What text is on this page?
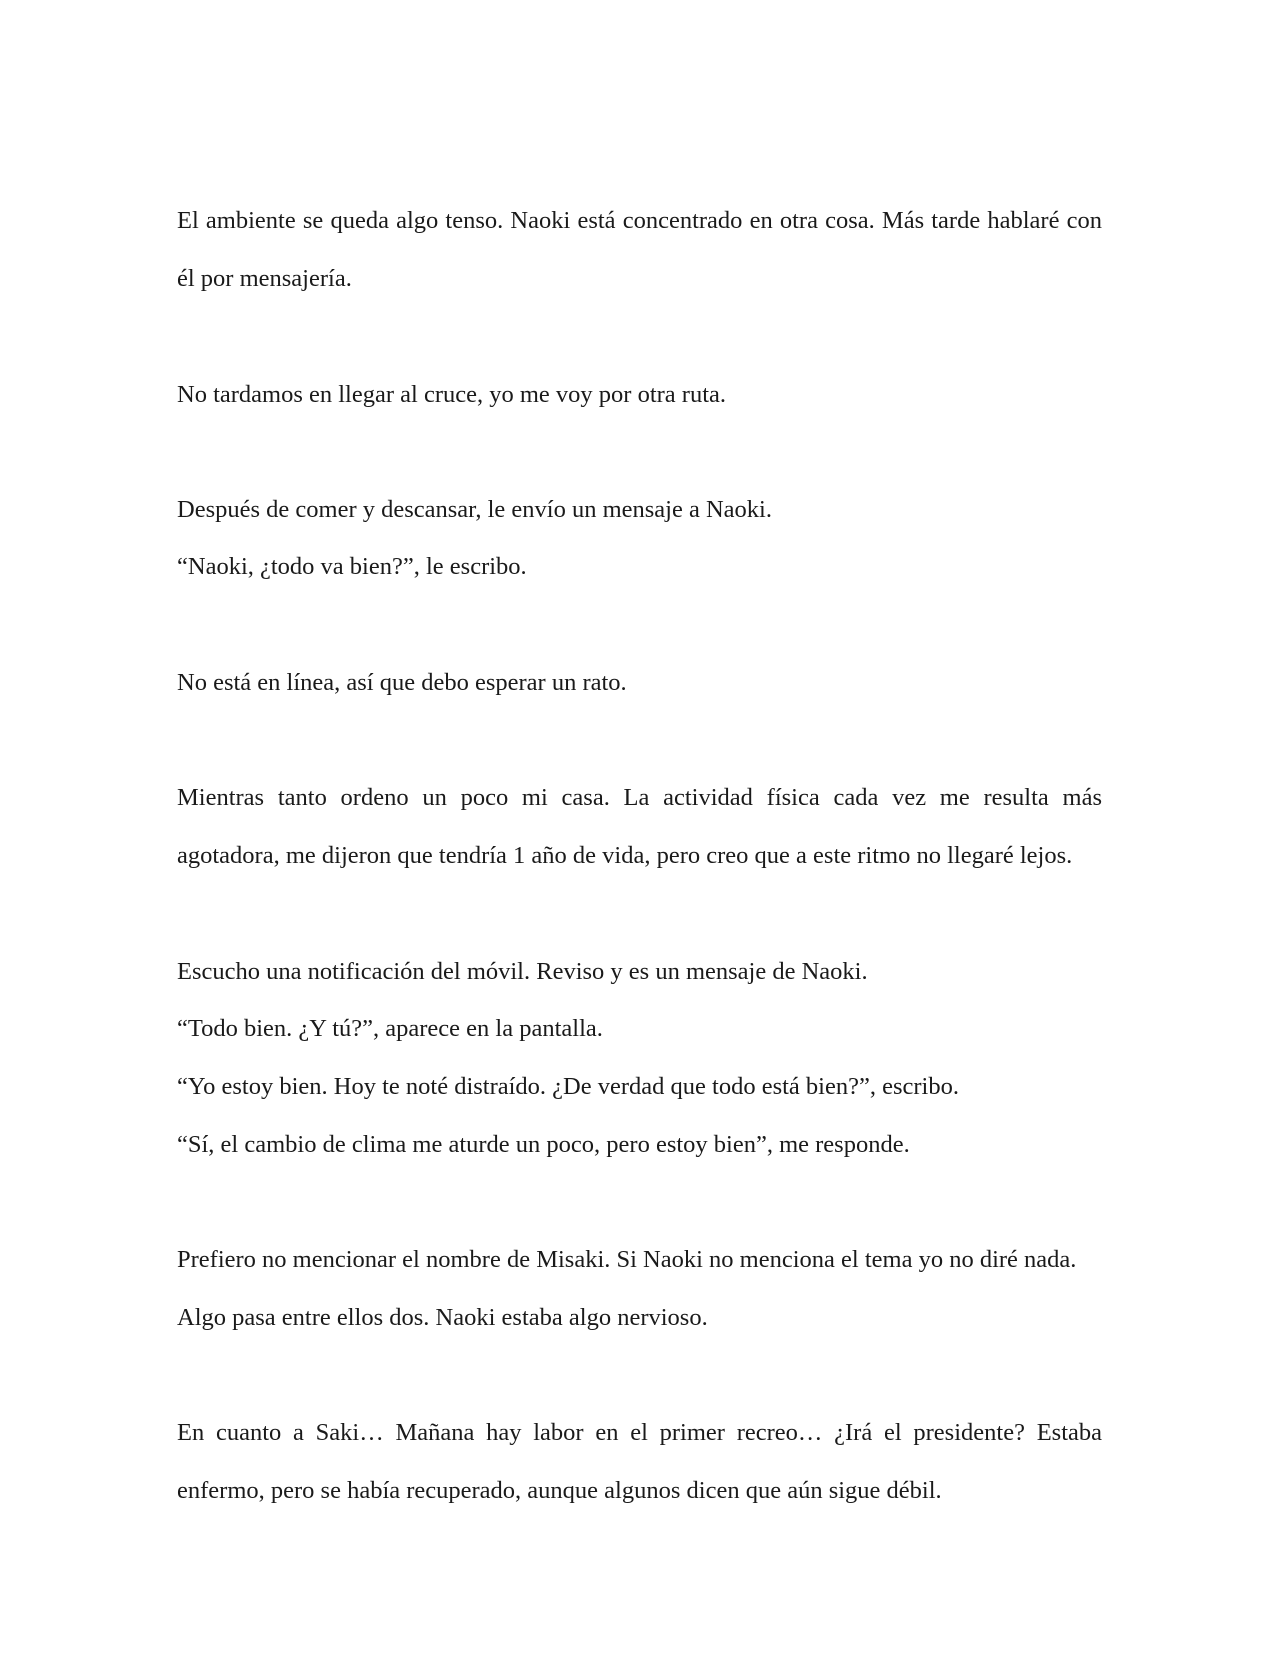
El ambiente se queda algo tenso. Naoki está concentrado en otra cosa. Más tarde hablaré con
él por mensajería.
No tardamos en llegar al cruce, yo me voy por otra ruta.
Después de comer y descansar, le envío un mensaje a Naoki.
“Naoki, ¿todo va bien?”, le escribo.
No está en línea, así que debo esperar un rato.
Mientras tanto ordeno un poco mi casa. La actividad física cada vez me resulta más
agotadora, me dijeron que tendría 1 año de vida, pero creo que a este ritmo no llegaré lejos.
Escucho una notificación del móvil. Reviso y es un mensaje de Naoki.
“Todo bien. ¿Y tú?”, aparece en la pantalla.
“Yo estoy bien. Hoy te noté distraído. ¿De verdad que todo está bien?”, escribo.
“Sí, el cambio de clima me aturde un poco, pero estoy bien”, me responde.
Prefiero no mencionar el nombre de Misaki. Si Naoki no menciona el tema yo no diré nada.
Algo pasa entre ellos dos. Naoki estaba algo nervioso.
En cuanto a Saki… Mañana hay labor en el primer recreo… ¿Irá el presidente? Estaba
enfermo, pero se había recuperado, aunque algunos dicen que aún sigue débil.
